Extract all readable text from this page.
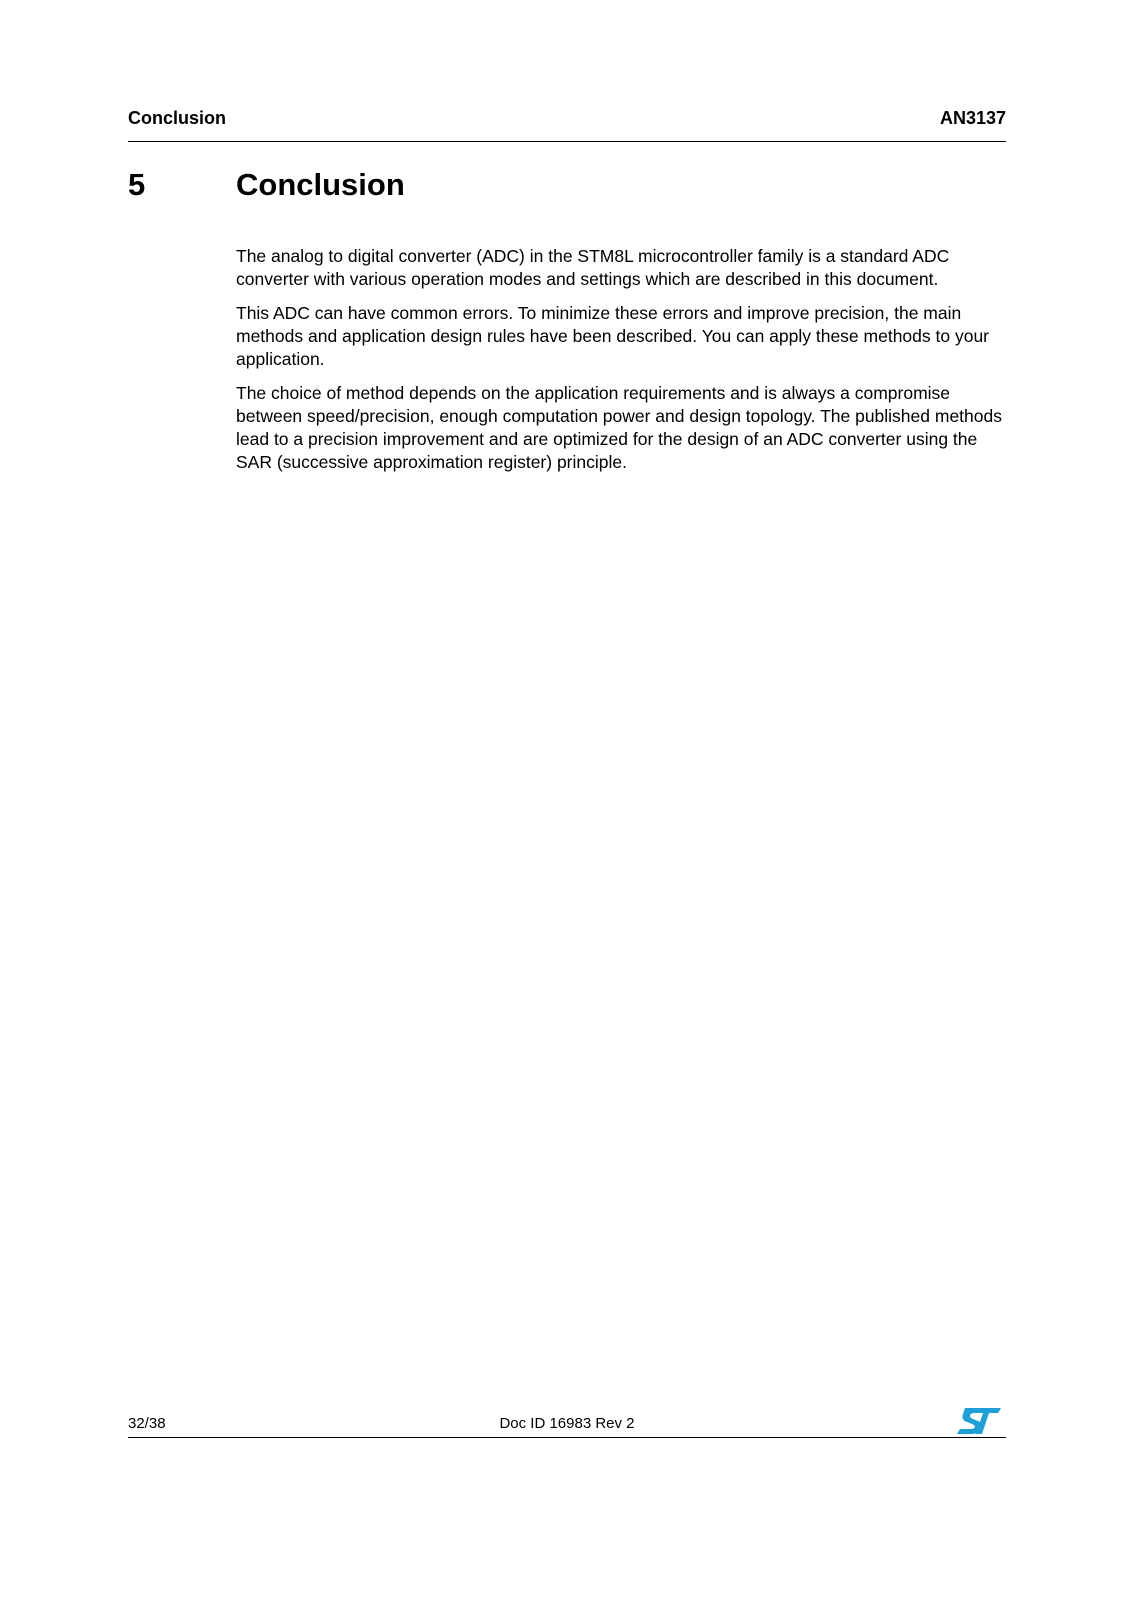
Conclusion	AN3137
5	Conclusion

The analog to digital converter (ADC) in the STM8L microcontroller family is a standard ADC converter with various operation modes and settings which are described in this document.

This ADC can have common errors. To minimize these errors and improve precision, the main methods and application design rules have been described. You can apply these methods to your application.

The choice of method depends on the application requirements and is always a compromise between speed/precision, enough computation power and design topology. The published methods lead to a precision improvement and are optimized for the design of an ADC converter using the SAR (successive approximation register) principle.

32/38	Doc ID 16983 Rev 2
